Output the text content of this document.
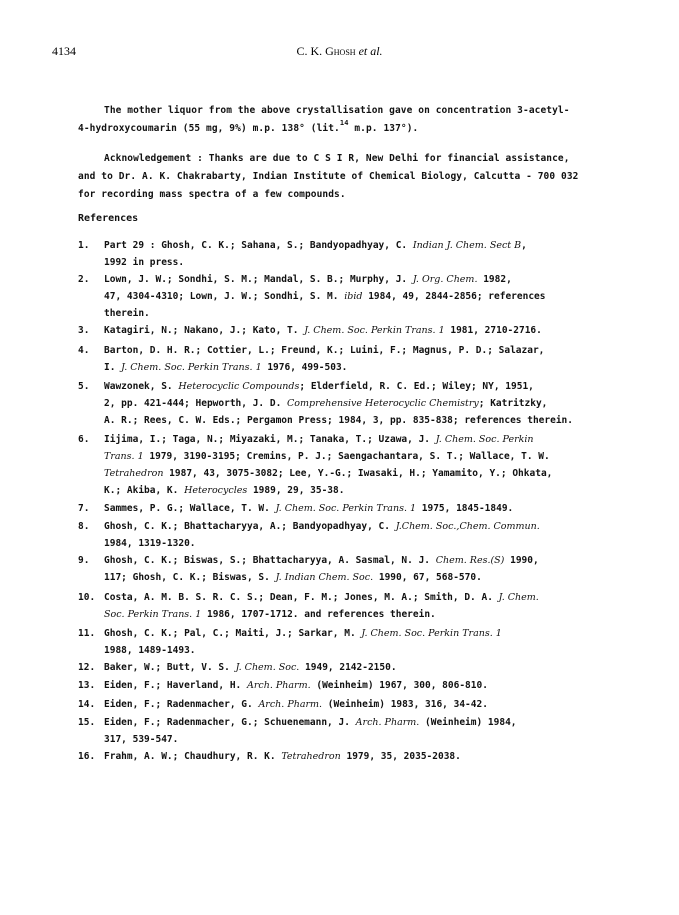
4134	C. K. Ghosh et al.
The mother liquor from the above crystallisation gave on concentration 3-acetyl-
4-hydroxycoumarin (55 mg, 9%) m.p. 138° (lit.$^{14}$ m.p. 137°).
Acknowledgement : Thanks are due to C S I R, New Delhi for financial assistance,
and to Dr. A. K. Chakrabarty, Indian Institute of Chemical Biology, Calcutta - 700 032
for recording mass spectra of a few compounds.
References
1.	Part 29 : Ghosh, C. K.; Sahana, S.; Bandyopadhyay, C. Indian J. Chem. Sect B,
1992 in press.
2.	Lown, J. W.; Sondhi, S. M.; Mandal, S. B.; Murphy, J. J. Org. Chem. 1982,
47, 4304-4310; Lown, J. W.; Sondhi, S. M. ibid 1984, 49, 2844-2856; references
therein.
3.	Katagiri, N.; Nakano, J.; Kato, T. J. Chem. Soc. Perkin Trans. 1 1981, 2710-2716.
4.	Barton, D. H. R.; Cottier, L.; Freund, K.; Luini, F.; Magnus, P. D.; Salazar,
I. J. Chem. Soc. Perkin Trans. 1 1976, 499-503.
5.	Wawzonek, S. Heterocyclic Compounds; Elderfield, R. C. Ed.; Wiley; NY, 1951,
2, pp. 421-444; Hepworth, J. D. Comprehensive Heterocyclic Chemistry; Katritzky,
A. R.; Rees, C. W. Eds.; Pergamon Press; 1984, 3, pp. 835-838; references therein.
6.	Iijima, I.; Taga, N.; Miyazaki, M.; Tanaka, T.; Uzawa, J. J. Chem. Soc. Perkin
Trans. 1 1979, 3190-3195; Cremins, P. J.; Saengachantara, S. T.; Wallace, T. W.
Tetrahedron 1987, 43, 3075-3082; Lee, Y.-G.; Iwasaki, H.; Yamamito, Y.; Ohkata,
K.; Akiba, K. Heterocycles 1989, 29, 35-38.
7.	Sammes, P. G.; Wallace, T. W. J. Chem. Soc. Perkin Trans. 1 1975, 1845-1849.
8.	Ghosh, C. K.; Bhattacharyya, A.; Bandyopadhyay, C. J.Chem. Soc.,Chem. Commun.
1984, 1319-1320.
9.	Ghosh, C. K.; Biswas, S.; Bhattacharyya, A. Sasmal, N. J. Chem. Res.(S) 1990,
117; Ghosh, C. K.; Biswas, S. J. Indian Chem. Soc. 1990, 67, 568-570.
10. Costa, A. M. B. S. R. C. S.; Dean, F. M.; Jones, M. A.; Smith, D. A. J. Chem.
Soc. Perkin Trans. 1 1986, 1707-1712. and references therein.
11. Ghosh, C. K.; Pal, C.; Maiti, J.; Sarkar, M. J. Chem. Soc. Perkin Trans. 1
1988, 1489-1493.
12. Baker, W.; Butt, V. S. J. Chem. Soc. 1949, 2142-2150.
13. Eiden, F.; Haverland, H. Arch. Pharm. (Weinheim) 1967, 300, 806-810.
14. Eiden, F.; Radenmacher, G. Arch. Pharm. (Weinheim) 1983, 316, 34-42.
15. Eiden, F.; Radenmacher, G.; Schuenemann, J. Arch. Pharm. (Weinheim) 1984,
317, 539-547.
16. Frahm, A. W.; Chaudhury, R. K. Tetrahedron 1979, 35, 2035-2038.
